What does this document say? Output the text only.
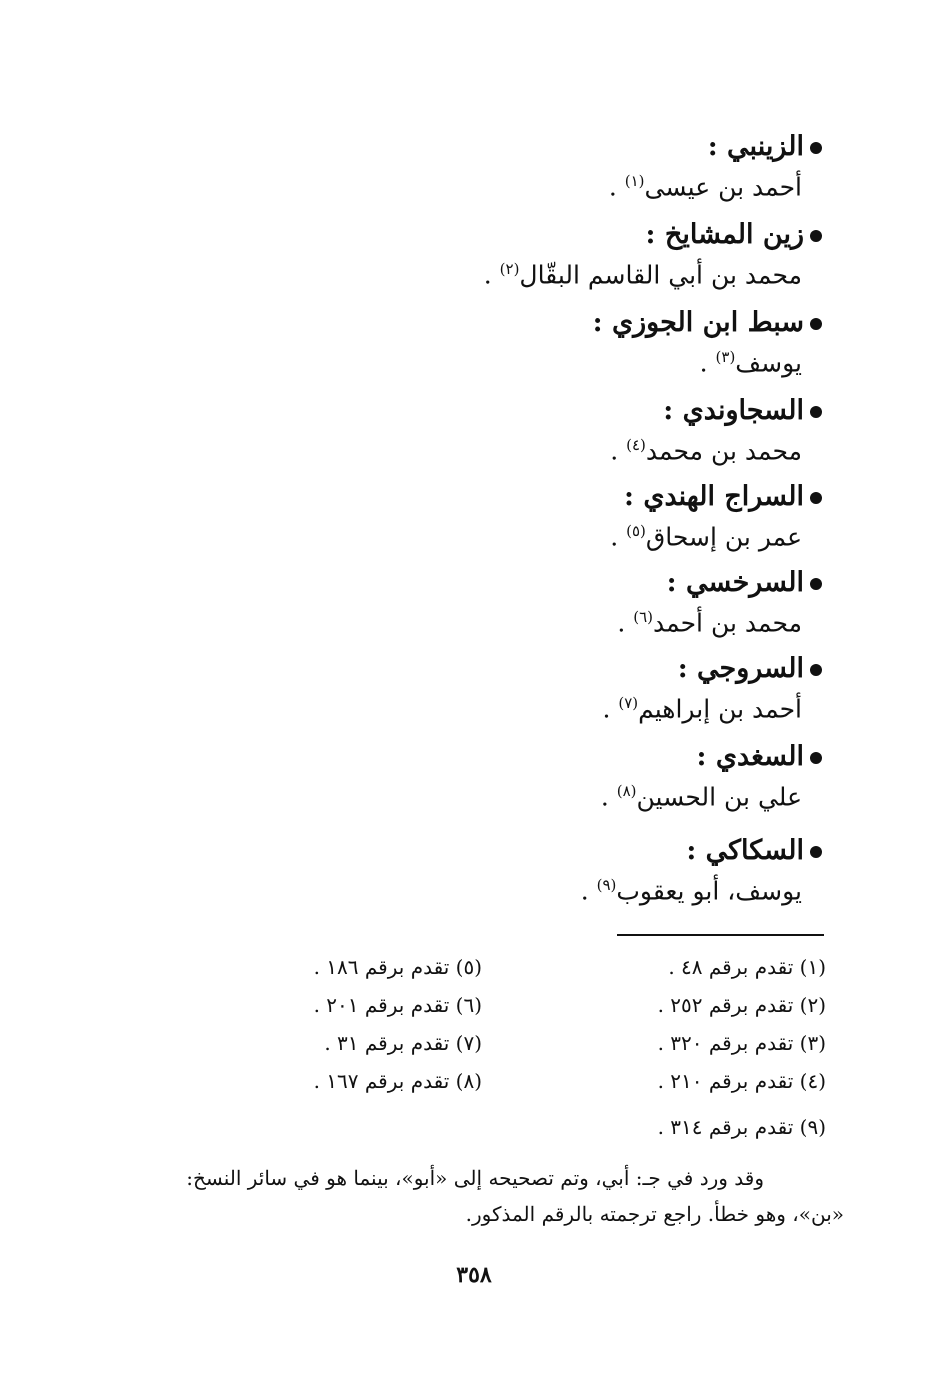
الزينبي :
أحمد بن عيسى$^{(١)}$ .
زين المشايخ :
محمد بن أبي القاسم البقّال$^{(٢)}$ .
سبط ابن الجوزي :
يوسف$^{(٣)}$ .
السجاوندي :
محمد بن محمد$^{(٤)}$ .
السراج الهندي :
عمر بن إسحاق$^{(٥)}$ .
السرخسي :
محمد بن أحمد$^{(٦)}$ .
السروجي :
أحمد بن إبراهيم$^{(٧)}$ .
السغدي :
علي بن الحسين$^{(٨)}$ .
السكاكي :
يوسف، أبو يعقوب$^{(٩)}$ .
(١) تقدم برقم ٤٨ .
(٢) تقدم برقم ٢٥٢ .
(٣) تقدم برقم ٣٢٠ .
(٤) تقدم برقم ٢١٠ .
(٩) تقدم برقم ٣١٤ .
(٥) تقدم برقم ١٨٦ .
(٦) تقدم برقم ٢٠١ .
(٧) تقدم برقم ٣١ .
(٨) تقدم برقم ١٦٧ .
وقد ورد في جـ: أبي، وتم تصحيحه إلى «أبو»، بينما هو في سائر النسخ:
«بن»، وهو خطأ. راجع ترجمته بالرقم المذكور.
٣٥٨
